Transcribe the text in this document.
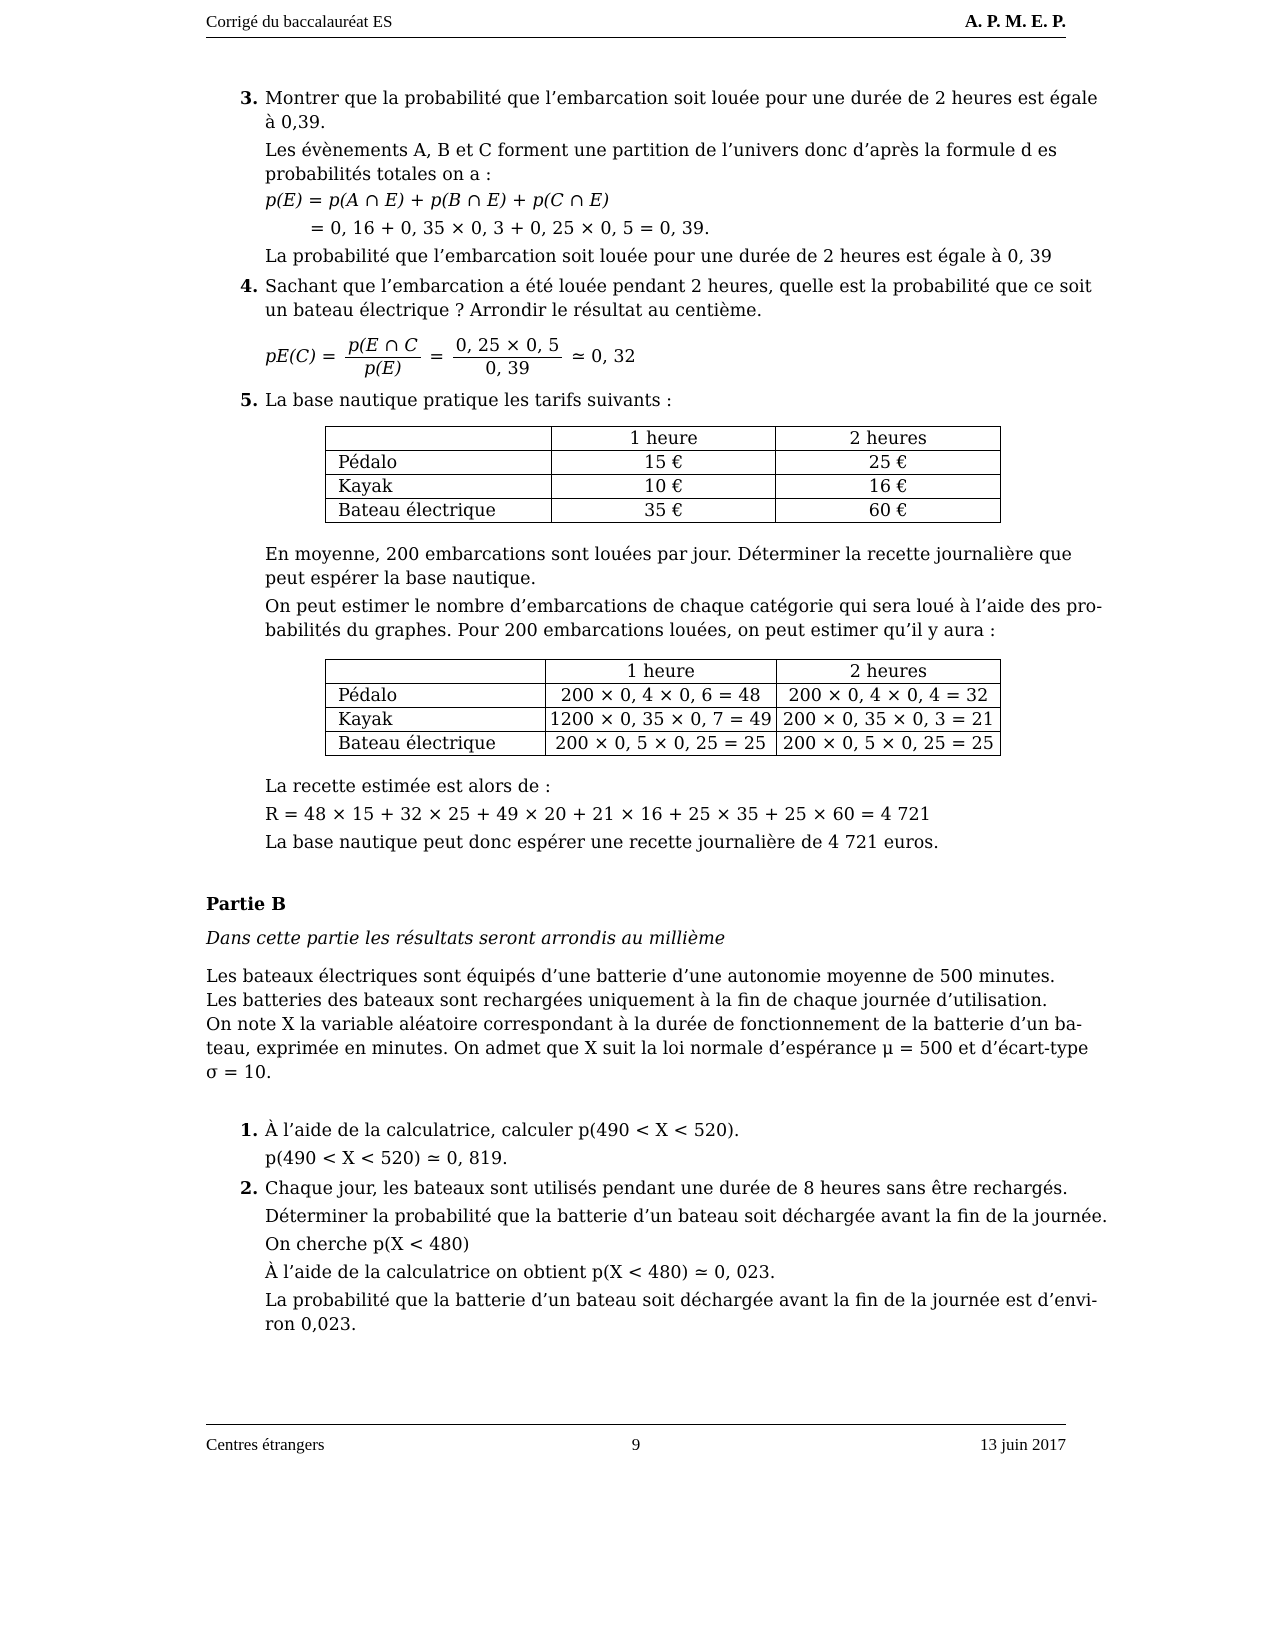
Corrigé du baccalauréat ES	A. P. M. E. P.
3. Montrer que la probabilité que l’embarcation soit louée pour une durée de 2 heures est égale
à 0,39.
Les évènements A, B et C forment une partition de l’univers donc d’après la formule d es
probabilités totales on a :
p(E) = p(A ∩ E) + p(B ∩ E) + p(C ∩ E)
= 0, 16 + 0, 35 × 0, 3 + 0, 25 × 0, 5 = 0, 39.
La probabilité que l’embarcation soit louée pour une durée de 2 heures est égale à 0, 39
4. Sachant que l’embarcation a été louée pendant 2 heures, quelle est la probabilité que ce soit
un bateau électrique ? Arrondir le résultat au centième.
$pE(C) = \frac{p(E \cap C}{p(E)} = \frac{0, 25 \times 0, 5}{0, 39}$ ≃ 0, 32
5. La base nautique pratique les tarifs suivants :
	1 heure	2 heures
Pédalo	15 €	25 €
Kayak	10 €	16 €
Bateau électrique	35 €	60 €
En moyenne, 200 embarcations sont louées par jour. Déterminer la recette journalière que
peut espérer la base nautique.
On peut estimer le nombre d’embarcations de chaque catégorie qui sera loué à l’aide des pro-
babilités du graphes. Pour 200 embarcations louées, on peut estimer qu’il y aura :
	1 heure	2 heures
Pédalo	200 × 0, 4 × 0, 6 = 48	200 × 0, 4 × 0, 4 = 32
Kayak	1200 × 0, 35 × 0, 7 = 49	200 × 0, 35 × 0, 3 = 21
Bateau électrique	200 × 0, 5 × 0, 25 = 25	200 × 0, 5 × 0, 25 = 25
La recette estimée est alors de :
R = 48 × 15 + 32 × 25 + 49 × 20 + 21 × 16 + 25 × 35 + 25 × 60 = 4 721
La base nautique peut donc espérer une recette journalière de 4 721 euros.
Partie B
Dans cette partie les résultats seront arrondis au millième
Les bateaux électriques sont équipés d’une batterie d’une autonomie moyenne de 500 minutes.
Les batteries des bateaux sont rechargées uniquement à la fin de chaque journée d’utilisation.
On note X la variable aléatoire correspondant à la durée de fonctionnement de la batterie d’un ba-
teau, exprimée en minutes. On admet que X suit la loi normale d’espérance μ = 500 et d’écart-type
σ = 10.
1. À l’aide de la calculatrice, calculer p(490 < X < 520).
p(490 < X < 520) ≃ 0, 819.
2. Chaque jour, les bateaux sont utilisés pendant une durée de 8 heures sans être rechargés.
Déterminer la probabilité que la batterie d’un bateau soit déchargée avant la fin de la journée.
On cherche p(X < 480)
À l’aide de la calculatrice on obtient p(X < 480) ≃ 0, 023.
La probabilité que la batterie d’un bateau soit déchargée avant la fin de la journée est d’envi-
ron 0,023.
Centres étrangers	9	13 juin 2017
